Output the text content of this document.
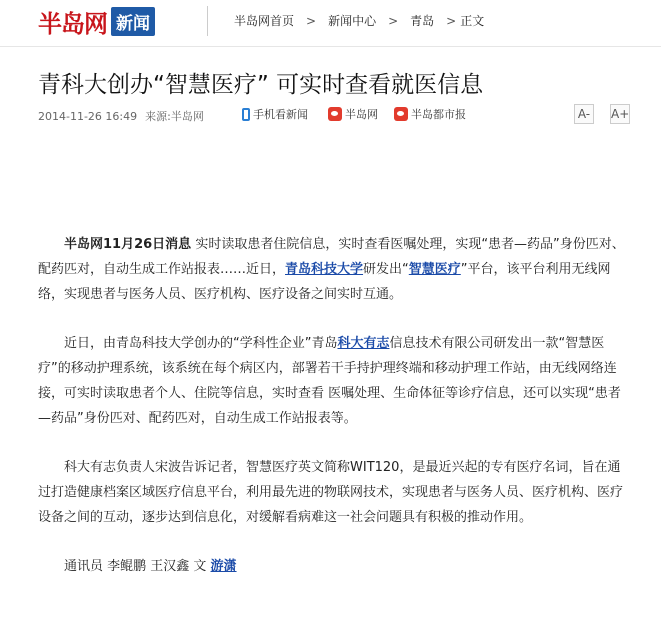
半岛网 新闻	半岛网首页 > 新闻中心 > 青岛 > 正文
青科大创办“智慧医疗” 可实时查看就医信息
2014-11-26 16:49 来源:半岛网	手机看新闻	半岛网	半岛都市报	A-	A+

半岛网11月26日消息 实时读取患者住院信息，实时查看医嘱处理，实现“患者—药品”身份匹对、配药匹对，自动生成工作站报表……近日，青岛科技大学研发出“智慧医疗”平台，该平台利用无线网络，实现患者与医务人员、医疗机构、医疗设备之间实时互通。

近日，由青岛科技大学创办的“学科性企业”青岛科大有志信息技术有限公司研发出一款“智慧医疗”的移动护理系统，该系统在每个病区内，部署若干手持护理终端和移动护理工作站，由无线网络连接，可实时读取患者个人、住院等信息，实时查看 医嘱处理、生命体征等诊疗信息，还可以实现“患者—药品”身份匹对、配药匹对，自动生成工作站报表等。

科大有志负责人宋波告诉记者，智慧医疗英文简称WIT120，是最近兴起的专有医疗名词，旨在通过打造健康档案区域医疗信息平台，利用最先进的物联网技术，实现患者与医务人员、医疗机构、医疗设备之间的互动，逐步达到信息化，对缓解看病难这一社会问题具有积极的推动作用。

通讯员 李鲲鹏 王汉鑫 文 游潇
